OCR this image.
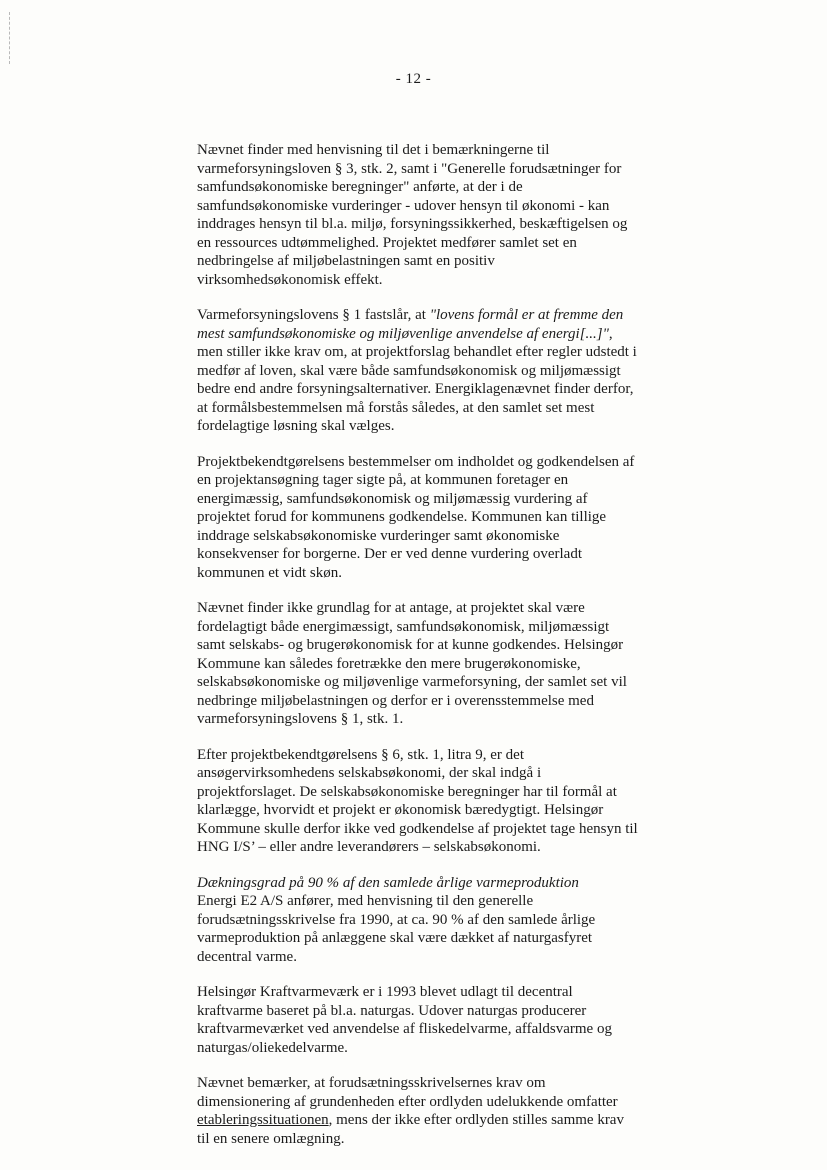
- 12 -

Nævnet finder med henvisning til det i bemærkningerne til varmeforsyningsloven § 3, stk. 2, samt i "Generelle forudsætninger for samfundsøkonomiske beregninger" anførte, at der i de samfundsøkonomiske vurderinger - udover hensyn til økonomi - kan inddrages hensyn til bl.a. miljø, forsyningssikkerhed, beskæftigelsen og en ressources udtømmelighed. Projektet medfører samlet set en nedbringelse af miljøbelastningen samt en positiv virksomhedsøkonomisk effekt.

Varmeforsyningslovens § 1 fastslår, at "lovens formål er at fremme den mest samfundsøkonomiske og miljøvenlige anvendelse af energi[...]", men stiller ikke krav om, at projektforslag behandlet efter regler udstedt i medfør af loven, skal være både samfundsøkonomisk og miljømæssigt bedre end andre forsyningsalternativer. Energiklagenævnet finder derfor, at formålsbestemmelsen må forstås således, at den samlet set mest fordelagtige løsning skal vælges.

Projektbekendtgørelsens bestemmelser om indholdet og godkendelsen af en projektansøgning tager sigte på, at kommunen foretager en energimæssig, samfundsøkonomisk og miljømæssig vurdering af projektet forud for kommunens godkendelse. Kommunen kan tillige inddrage selskabsøkonomiske vurderinger samt økonomiske konsekvenser for borgerne. Der er ved denne vurdering overladt kommunen et vidt skøn.

Nævnet finder ikke grundlag for at antage, at projektet skal være fordelagtigt både energimæssigt, samfundsøkonomisk, miljømæssigt samt selskabs- og brugerøkonomisk for at kunne godkendes. Helsingør Kommune kan således foretrække den mere brugerøkonomiske, selskabsøkonomiske og miljøvenlige varmeforsyning, der samlet set vil nedbringe miljøbelastningen og derfor er i overensstemmelse med varmeforsyningslovens § 1, stk. 1.

Efter projektbekendtgørelsens § 6, stk. 1, litra 9, er det ansøgervirksomhedens selskabsøkonomi, der skal indgå i projektforslaget. De selskabsøkonomiske beregninger har til formål at klarlægge, hvorvidt et projekt er økonomisk bæredygtigt. Helsingør Kommune skulle derfor ikke ved godkendelse af projektet tage hensyn til HNG I/S’ – eller andre leverandørers – selskabsøkonomi.

Dækningsgrad på 90 % af den samlede årlige varmeproduktion
Energi E2 A/S anfører, med henvisning til den generelle forudsætningsskrivelse fra 1990, at ca. 90 % af den samlede årlige varmeproduktion på anlæggene skal være dækket af naturgasfyret decentral varme.

Helsingør Kraftvarmeværk er i 1993 blevet udlagt til decentral kraftvarme baseret på bl.a. naturgas. Udover naturgas producerer kraftvarmeværket ved anvendelse af fliskedelvarme, affaldsvarme og naturgas/oliekedelvarme.

Nævnet bemærker, at forudsætningsskrivelsernes krav om dimensionering af grundenheden efter ordlyden udelukkende omfatter etableringssituationen, mens der ikke efter ordlyden stilles samme krav til en senere omlægning.
